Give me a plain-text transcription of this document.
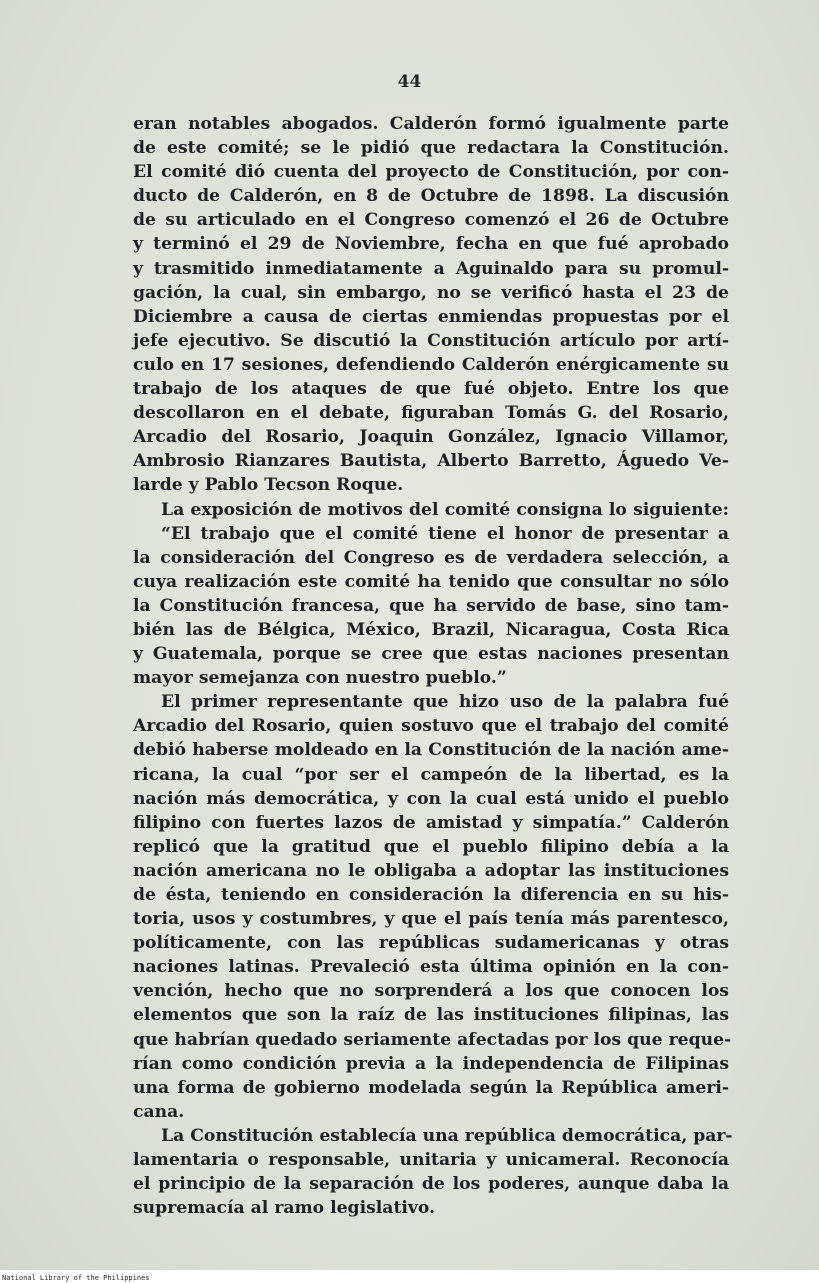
44
eran notables abogados. Calderón formó igualmente parte
de este comité; se le pidió que redactara la Constitución.
El comité dió cuenta del proyecto de Constitución, por con-
ducto de Calderón, en 8 de Octubre de 1898. La discusión
de su articulado en el Congreso comenzó el 26 de Octubre
y terminó el 29 de Noviembre, fecha en que fué aprobado
y trasmitido inmediatamente a Aguinaldo para su promul-
gación, la cual, sin embargo, no se verificó hasta el 23 de
Diciembre a causa de ciertas enmiendas propuestas por el
jefe ejecutivo. Se discutió la Constitución artículo por artí-
culo en 17 sesiones, defendiendo Calderón enérgicamente su
trabajo de los ataques de que fué objeto. Entre los que
descollaron en el debate, figuraban Tomás G. del Rosario,
Arcadio del Rosario, Joaquin González, Ignacio Villamor,
Ambrosio Rianzares Bautista, Alberto Barretto, Águedo Ve-
larde y Pablo Tecson Roque.
La exposición de motivos del comité consigna lo siguiente:
“El trabajo que el comité tiene el honor de presentar a
la consideración del Congreso es de verdadera selección, a
cuya realización este comité ha tenido que consultar no sólo
la Constitución francesa, que ha servido de base, sino tam-
bién las de Bélgica, México, Brazil, Nicaragua, Costa Rica
y Guatemala, porque se cree que estas naciones presentan
mayor semejanza con nuestro pueblo.”
El primer representante que hizo uso de la palabra fué
Arcadio del Rosario, quien sostuvo que el trabajo del comité
debió haberse moldeado en la Constitución de la nación ame-
ricana, la cual “por ser el campeón de la libertad, es la
nación más democrática, y con la cual está unido el pueblo
filipino con fuertes lazos de amistad y simpatía.” Calderón
replicó que la gratitud que el pueblo filipino debía a la
nación americana no le obligaba a adoptar las instituciones
de ésta, teniendo en consideración la diferencia en su his-
toria, usos y costumbres, y que el país tenía más parentesco,
políticamente, con las repúblicas sudamericanas y otras
naciones latinas. Prevaleció esta última opinión en la con-
vención, hecho que no sorprenderá a los que conocen los
elementos que son la raíz de las instituciones filipinas, las
que habrían quedado seriamente afectadas por los que reque-
rían como condición previa a la independencia de Filipinas
una forma de gobierno modelada según la República ameri-
cana.
La Constitución establecía una república democrática, par-
lamentaria o responsable, unitaria y unicameral. Reconocía
el principio de la separación de los poderes, aunque daba la
supremacía al ramo legislativo.
National Library of the Philippines
